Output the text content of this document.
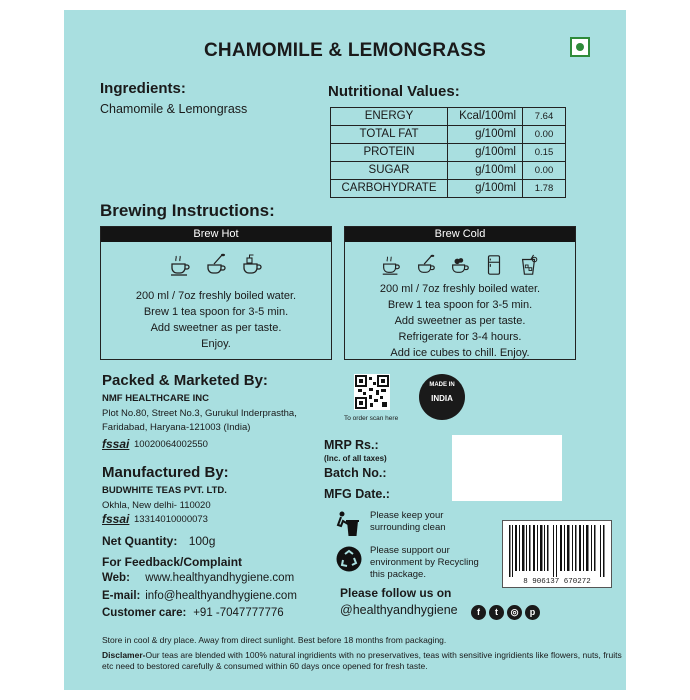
CHAMOMILE & LEMONGRASS
Ingredients:
Chamomile & Lemongrass
Nutritional Values:
ENERGY	Kcal/100ml	7.64
TOTAL FAT	g/100ml	0.00
PROTEIN	g/100ml	0.15
SUGAR	g/100ml	0.00
CARBOHYDRATE	g/100ml	1.78
Brewing Instructions:
Brew Hot

200 ml / 7oz freshly boiled water.
Brew 1 tea spoon for 3-5 min.
Add sweetner as per taste.
Enjoy.
Brew Cold

200 ml / 7oz freshly boiled water.
Brew 1 tea spoon for 3-5 min.
Add sweetner as per taste.
Refrigerate for 3-4 hours.
Add ice cubes to chill. Enjoy.
Packed & Marketed By:
NMF HEALTHCARE INC
Plot No.80, Street No.3, Gurukul Inderprastha,
Faridabad, Haryana-121003 (India)
fssai 10020064002550
To order scan here
MADE IN
INDIA
MRP Rs.:
(Inc. of all taxes)
Batch No.:
MFG Date.:
Manufactured By:
BUDWHITE TEAS PVT. LTD.
Okhla, New delhi- 110020
fssai 13314010000073	Please keep your
surrounding clean
Please support our
environment by Recycling
this package.
8 906137 670272
Net Quantity: 100g
For Feedback/Complaint
Web: www.healthyandhygiene.com
E-mail: info@healthyandhygiene.com
Customer care: +91 -7047777776
Please follow us on
@healthyandhygiene	f t ◎ p
Store in cool & dry place. Away from direct sunlight. Best before 18 months from packaging.
Disclamer-Our teas are blended with 100% natural ingridients with no preservatives, teas with sensitive ingridients like flowers, nuts, fruits etc need to bestored carefully & consumed within 60 days once opened for fresh taste.
